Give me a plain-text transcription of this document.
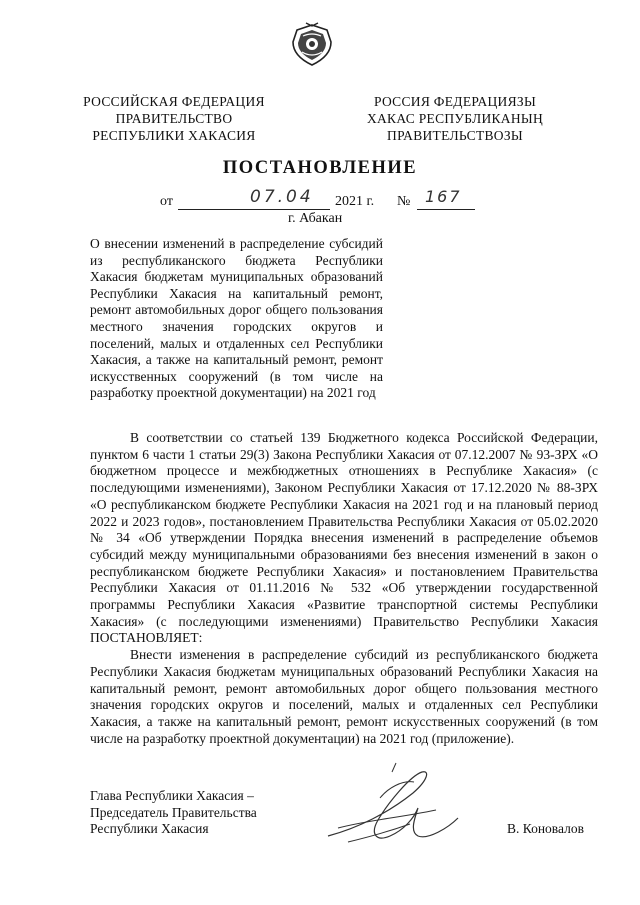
РОССИЙСКАЯ ФЕДЕРАЦИЯ
ПРАВИТЕЛЬСТВО
РЕСПУБЛИКИ ХАКАСИЯ
РОССИЯ ФЕДЕРАЦИЯЗЫ
ХАКАС РЕСПУБЛИКАНЫҢ
ПРАВИТЕЛЬСТВОЗЫ
ПОСТАНОВЛЕНИЕ
от	07.04 2021 г. № 167
г. Абакан
О внесении изменений в распределение субсидий из республиканского бюджета Республики Хакасия бюджетам муниципальных образований Республики Хакасия на капитальный ремонт, ремонт автомобильных дорог общего пользования местного значения городских округов и поселений, малых и отдаленных сел Республики Хакасия, а также на капитальный ремонт, ремонт искусственных сооружений (в том числе на разработку проектной документации) на 2021 год

В соответствии со статьей 139 Бюджетного кодекса Российской Федерации, пунктом 6 части 1 статьи 29(3) Закона Республики Хакасия от 07.12.2007 № 93-ЗРХ «О бюджетном процессе и межбюджетных отношениях в Республике Хакасия» (с последующими изменениями), Законом Республики Хакасия от 17.12.2020 № 88-ЗРХ «О республиканском бюджете Республики Хакасия на 2021 год и на плановый период 2022 и 2023 годов», постановлением Правительства Республики Хакасия от 05.02.2020 № 34 «Об утверждении Порядка внесения изменений в распределение объемов субсидий между муниципальными образованиями без внесения изменений в закон о республиканском бюджете Республики Хакасия» и постановлением Правительства Республики Хакасия от 01.11.2016 № 532 «Об утверждении государственной программы Республики Хакасия «Развитие транспортной системы Республики Хакасия» (с последующими изменениями) Правительство Республики Хакасия ПОСТАНОВЛЯЕТ:

Внести изменения в распределение субсидий из республиканского бюджета Республики Хакасия бюджетам муниципальных образований Республики Хакасия на капитальный ремонт, ремонт автомобильных дорог общего пользования местного значения городских округов и поселений, малых и отдаленных сел Республики Хакасия, а также на капитальный ремонт, ремонт искусственных сооружений (в том числе на разработку проектной документации) на 2021 год (приложение).

Глава Республики Хакасия –
Председатель Правительства
Республики Хакасия	В. Коновалов
